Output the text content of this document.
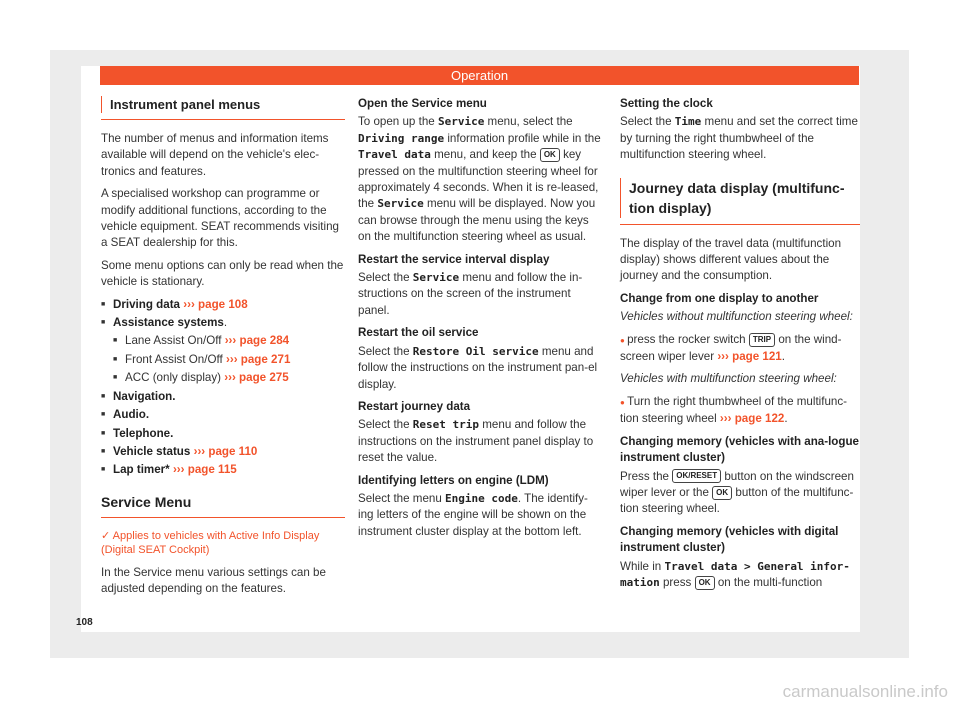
Operation
Instrument panel menus

The number of menus and information items available will depend on the vehicle's elec-tronics and features.

A specialised workshop can programme or modify additional functions, according to the vehicle equipment. SEAT recommends visiting a SEAT dealership for this.

Some menu options can only be read when the vehicle is stationary.

■ Driving data ››› page 108
■ Assistance systems.
■ Lane Assist On/Off ››› page 284
■ Front Assist On/Off ››› page 271
■ ACC (only display) ››› page 275
■ Navigation.
■ Audio.
■ Telephone.
■ Vehicle status ››› page 110
■ Lap timer* ››› page 115
Service Menu
✓ Applies to vehicles with Active Info Display (Digital SEAT Cockpit)

In the Service menu various settings can be adjusted depending on the features.

Open the Service menu

To open up the Service menu, select the Driving range information profile while in the Travel data menu, and keep the OK key pressed on the multifunction steering wheel for approximately 4 seconds. When it is re-leased, the Service menu will be displayed. Now you can browse through the menu using the keys on the multifunction steering wheel as usual.

Restart the service interval display

Select the Service menu and follow the in-structions on the screen of the instrument panel.

Restart the oil service

Select the Restore Oil service menu and follow the instructions on the instrument pan-el display.

Restart journey data

Select the Reset trip menu and follow the instructions on the instrument panel display to reset the value.

Identifying letters on engine (LDM)

Select the menu Engine code. The identify-ing letters of the engine will be shown on the instrument cluster display at the bottom left.

Setting the clock

Select the Time menu and set the correct time by turning the right thumbwheel of the multifunction steering wheel.

Journey data display (multifunc-tion display)

The display of the travel data (multifunction display) shows different values about the journey and the consumption.

Change from one display to another

Vehicles without multifunction steering wheel:

● press the rocker switch TRIP on the wind-screen wiper lever ››› page 121.

Vehicles with multifunction steering wheel:

● Turn the right thumbwheel of the multifunc-tion steering wheel ››› page 122.

Changing memory (vehicles with ana-logue instrument cluster)

Press the OK/RESET button on the windscreen wiper lever or the OK button of the multifunc-tion steering wheel.

Changing memory (vehicles with digital instrument cluster)

While in Travel data > General infor-mation press OK on the multi-function

108
carmanualsonline.info
